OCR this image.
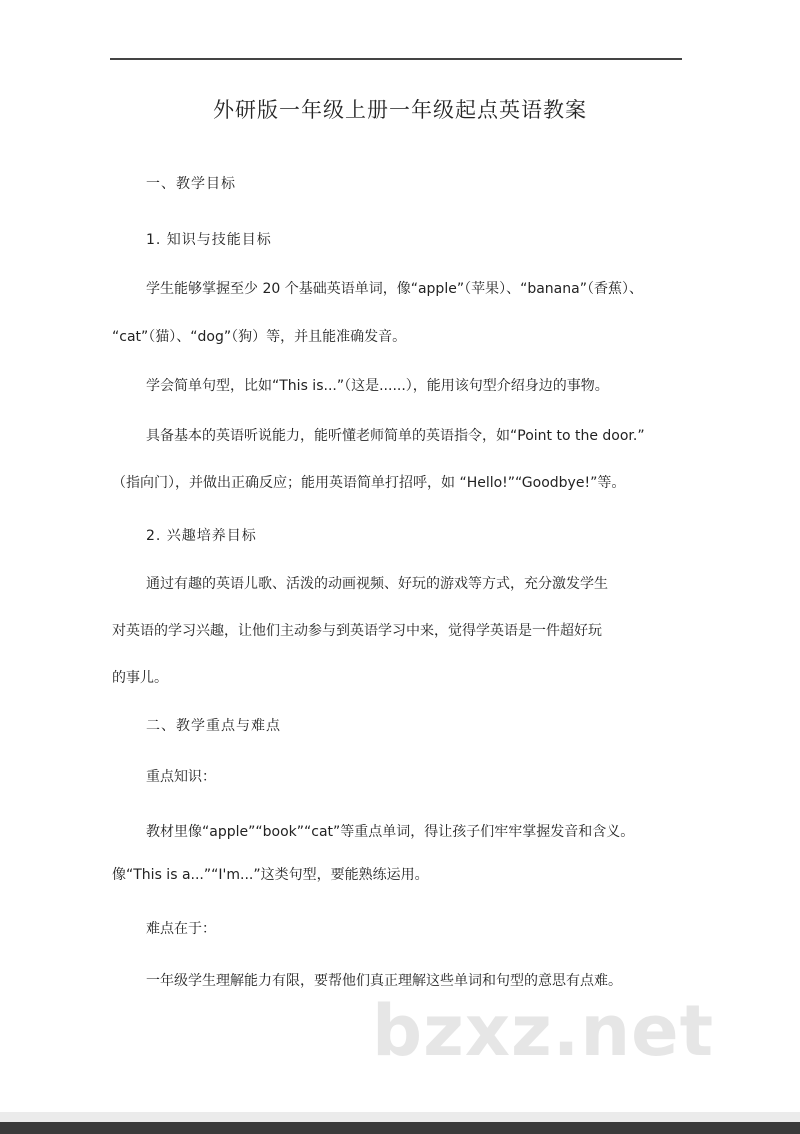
外研版一年级上册一年级起点英语教案
一、教学目标
1. 知识与技能目标
学生能够掌握至少 20 个基础英语单词，像“apple”（苹果）、“banana”（香蕉）、
“cat”（猫）、“dog”（狗）等，并且能准确发音。
学会简单句型，比如“This is...”（这是......），能用该句型介绍身边的事物。
具备基本的英语听说能力，能听懂老师简单的英语指令，如“Point to the door.”
（指向门），并做出正确反应；能用英语简单打招呼，如 “Hello!”“Goodbye!”等。
2. 兴趣培养目标
通过有趣的英语儿歌、活泼的动画视频、好玩的游戏等方式，充分激发学生
对英语的学习兴趣，让他们主动参与到英语学习中来，觉得学英语是一件超好玩
的事儿。
二、教学重点与难点
重点知识：
教材里像“apple”“book”“cat”等重点单词，得让孩子们牢牢掌握发音和含义。
像“This is a...”“I'm...”这类句型，要能熟练运用。
难点在于：
一年级学生理解能力有限，要帮他们真正理解这些单词和句型的意思有点难。
bzxz.net
